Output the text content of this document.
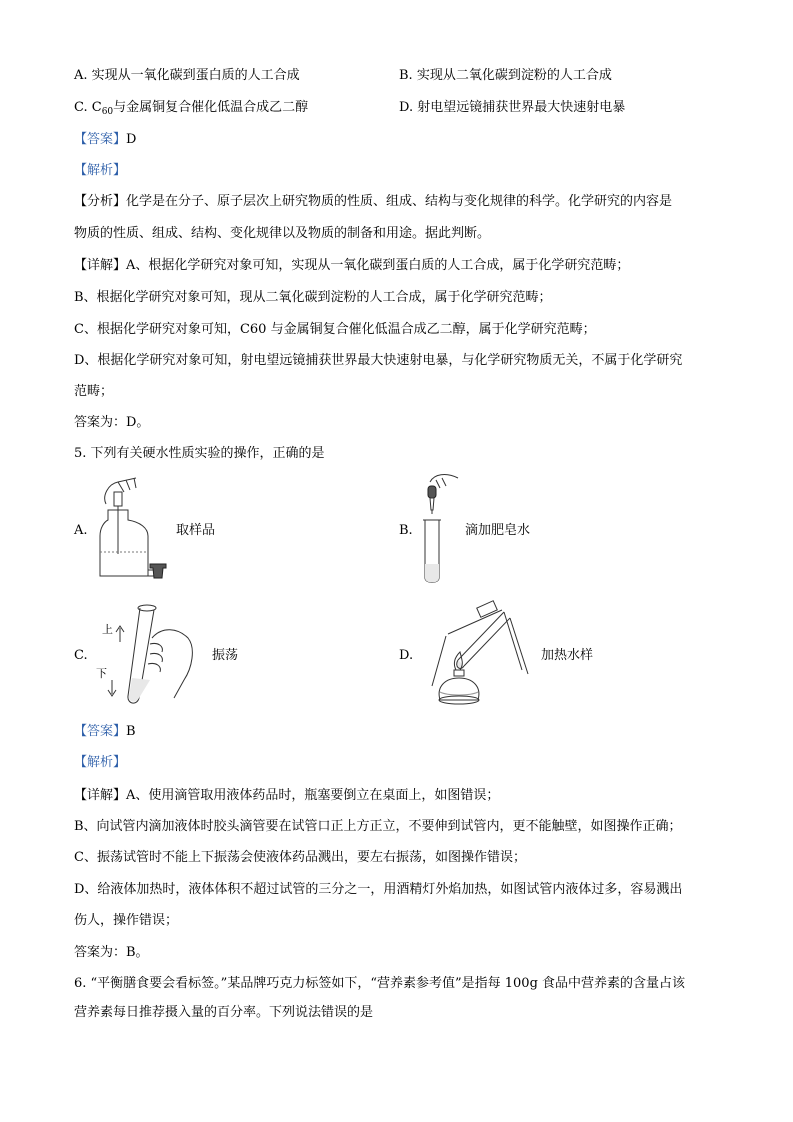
A. 实现从一氧化碳到蛋白质的人工合成	B. 实现从二氧化碳到淀粉的人工合成
C. $C_{60}$与金属铜复合催化低温合成乙二醇	D. 射电望远镜捕获世界最大快速射电暴
【答案】D
【解析】
【分析】化学是在分子、原子层次上研究物质的性质、组成、结构与变化规律的科学。化学研究的内容是
物质的性质、组成、结构、变化规律以及物质的制备和用途。据此判断。
【详解】A、根据化学研究对象可知，实现从一氧化碳到蛋白质的人工合成，属于化学研究范畴；
B、根据化学研究对象可知，现从二氧化碳到淀粉的人工合成，属于化学研究范畴；
C、根据化学研究对象可知，C60 与金属铜复合催化低温合成乙二醇，属于化学研究范畴；
D、根据化学研究对象可知，射电望远镜捕获世界最大快速射电暴，与化学研究物质无关，不属于化学研究
范畴；
答案为：D。
5. 下列有关硬水性质实验的操作，正确的是
A.	取样品	B.	滴加肥皂水
C.
上
下
振荡	D.	加热水样
【答案】B
【解析】
【详解】A、使用滴管取用液体药品时，瓶塞要倒立在桌面上，如图错误；
B、向试管内滴加液体时胶头滴管要在试管口正上方正立，不要伸到试管内，更不能触壁，如图操作正确；
C、振荡试管时不能上下振荡会使液体药品溅出，要左右振荡，如图操作错误；
D、给液体加热时，液体体积不超过试管的三分之一，用酒精灯外焰加热，如图试管内液体过多，容易溅出
伤人，操作错误；
答案为：B。
6. “平衡膳食要会看标签。”某品牌巧克力标签如下，“营养素参考值”是指每 100g 食品中营养素的含量占该
营养素每日推荐摄入量的百分率。下列说法错误的是
